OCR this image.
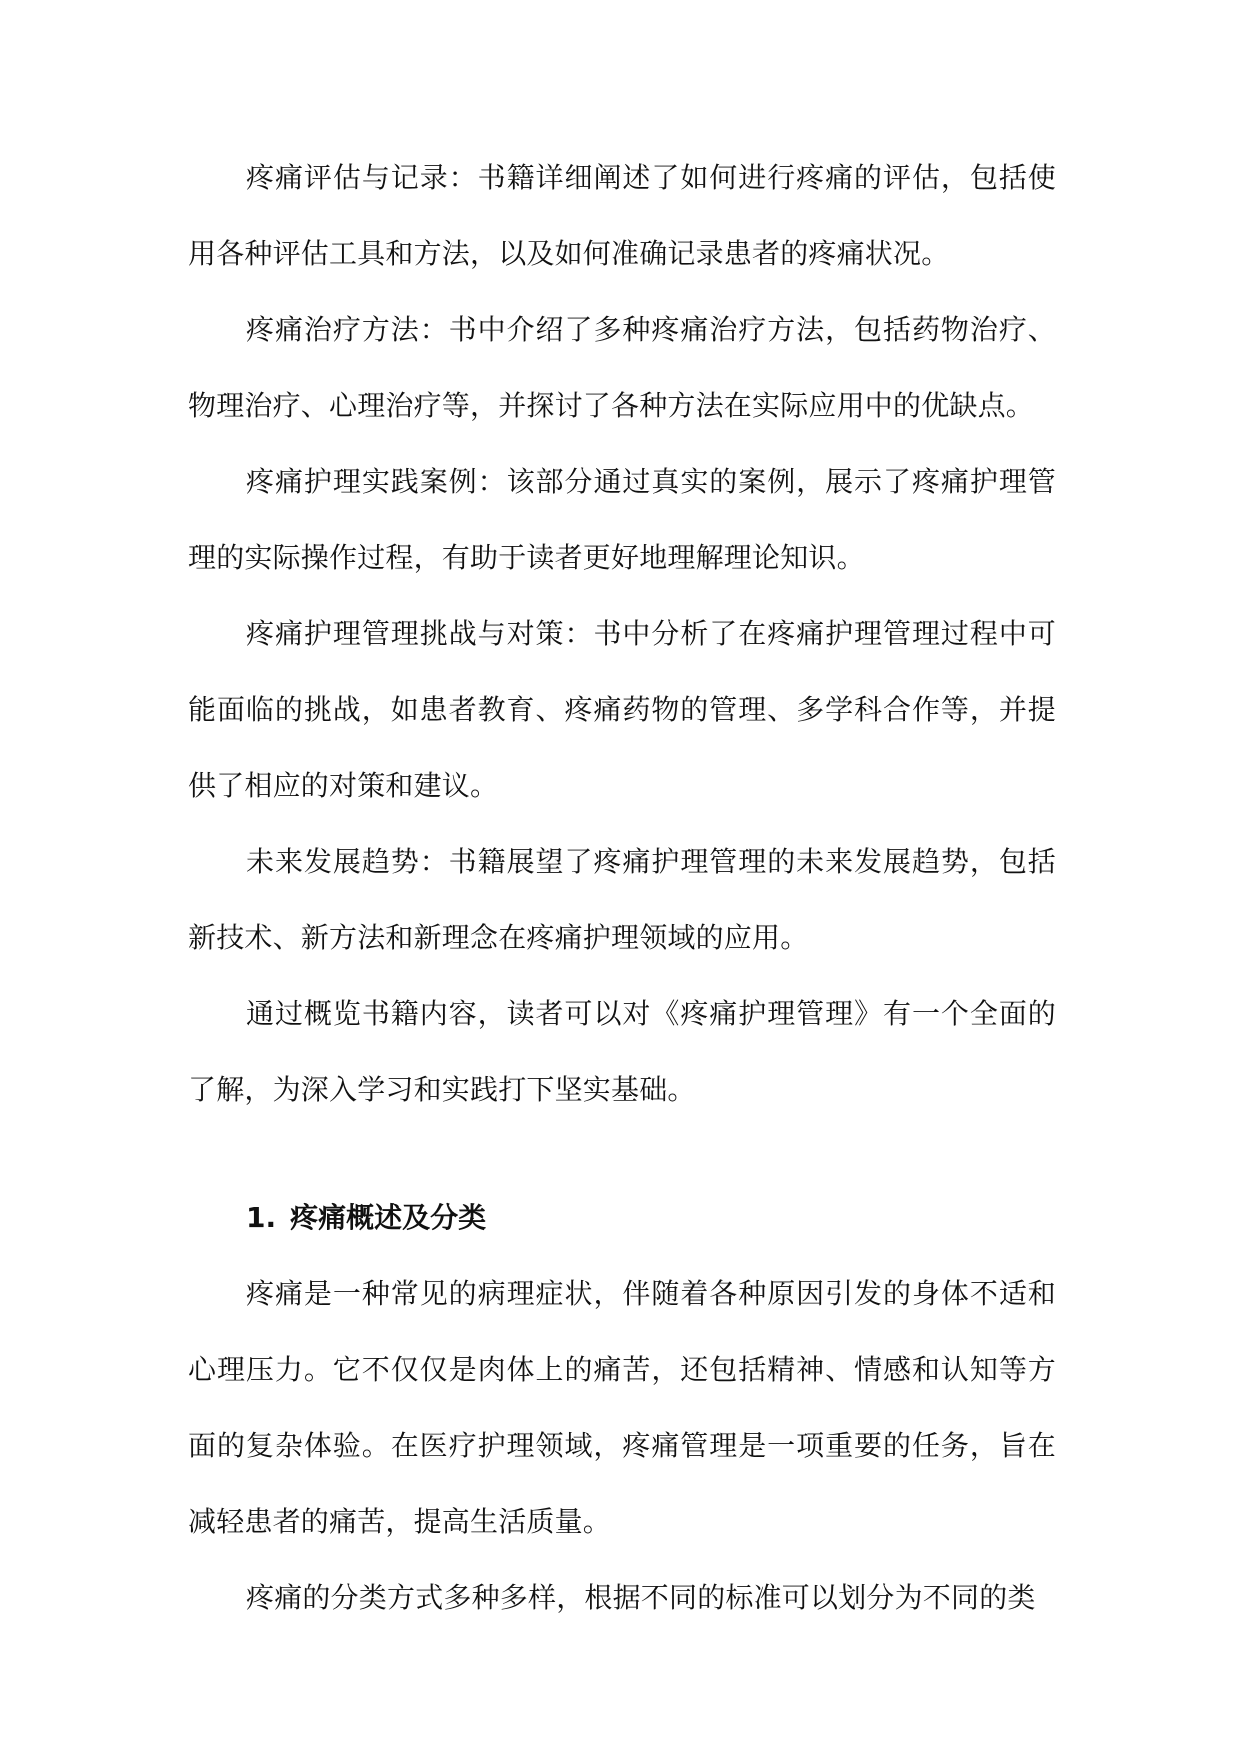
疼痛评估与记录：书籍详细阐述了如何进行疼痛的评估，包括使用各种评估工具和方法，以及如何准确记录患者的疼痛状况。

疼痛治疗方法：书中介绍了多种疼痛治疗方法，包括药物治疗、物理治疗、心理治疗等，并探讨了各种方法在实际应用中的优缺点。

疼痛护理实践案例：该部分通过真实的案例，展示了疼痛护理管理的实际操作过程，有助于读者更好地理解理论知识。

疼痛护理管理挑战与对策：书中分析了在疼痛护理管理过程中可能面临的挑战，如患者教育、疼痛药物的管理、多学科合作等，并提供了相应的对策和建议。

未来发展趋势：书籍展望了疼痛护理管理的未来发展趋势，包括新技术、新方法和新理念在疼痛护理领域的应用。

通过概览书籍内容，读者可以对《疼痛护理管理》有一个全面的了解，为深入学习和实践打下坚实基础。

1. 疼痛概述及分类

疼痛是一种常见的病理症状，伴随着各种原因引发的身体不适和心理压力。它不仅仅是肉体上的痛苦，还包括精神、情感和认知等方面的复杂体验。在医疗护理领域，疼痛管理是一项重要的任务，旨在减轻患者的痛苦，提高生活质量。

疼痛的分类方式多种多样，根据不同的标准可以划分为不同的类
